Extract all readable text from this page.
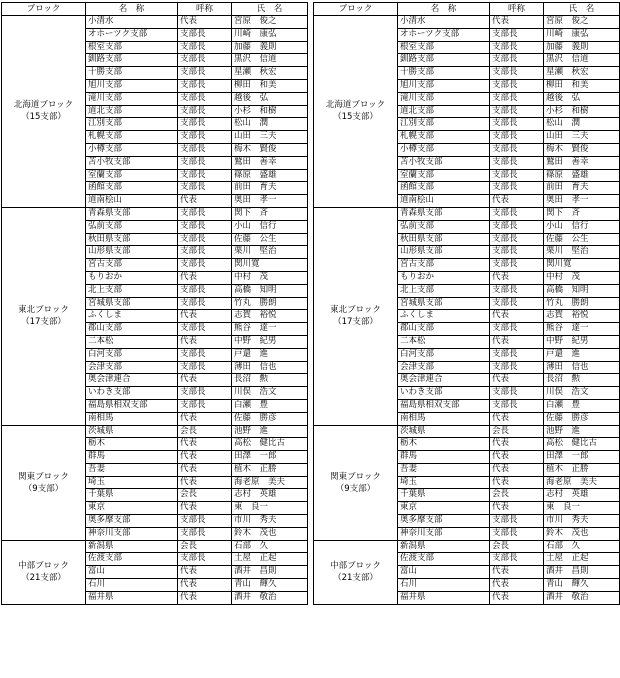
ブロック	名　称	呼称	氏　名

北海道ブロック
（15支部）	小清水	代表	宮原　俊之
	オホーツク支部	支部長	川崎　康弘
	根室支部	支部長	加藤　義則
	釧路支部	支部長	黒沢　信道
	十勝支部	支部長	星瀬　秋宏
	旭川支部	支部長	柳田　和美
	滝川支部	支部長	越後　弘
	道北支部	支部長	小杉　和樹
	江別支部	支部長	松山　潤
	札幌支部	支部長	山田　三夫
	小樽支部	支部長	梅木　賢俊
	苫小牧支部	支部長	鷲田　善幸
	室蘭支部	支部長	篠原　盛雄
	函館支部	支部長	前田　育夫
	道南桧山	代表	奥田　孝一

東北ブロック
（17支部）	青森県支部	支部長	関下　斉
	弘前支部	支部長	小山　信行
	秋田県支部	支部長	佐藤　公生
	山形県支部	支部長	栗川　堅治
	宮古支部	支部長	関川寛
	もりおか	代表	中村　茂
	北上支部	支部長	高橋　知明
	宮城県支部	支部長	竹丸　勝朗
	ふくしま	代表	志賀　裕悦
	郡山支部	支部長	熊谷　達一
	二本松	代表	中野　紀男
	白河支部	支部長	戸還　進
	会津支部	支部長	薄田　信也
	奥会津連合	代表	長沼　勲
	いわき支部	支部長	川俣　浩文
	福島県相双支部	支部長	白瀬　豊
	南相馬	代表	佐藤　勝彦

関東ブロック
（9支部）	茨城県	会長	池野　進
	栃木	代表	高松　健比古
	群馬	代表	田澤　一郎
	吾妻	代表	植木　正勝
	埼玉	代表	海老原　美夫
	千葉県	会長	志村　英雄
	東京	代表	東　良一
	奥多摩支部	支部長	市川　秀夫
	神奈川支部	支部長	鈴木　茂也

中部ブロック
（21支部）	新潟県	会長	石部　久
	佐渡支部	支部長	土屋　正起
	富山	代表	酒井　昌則
	石川	代表	青山　輝久
	福井県	代表	酒井　敬治
ブロック	名　称	呼称	氏　名

北海道ブロック
（15支部）	小清水	代表	宮原　俊之
	オホーツク支部	支部長	川崎　康弘
	根室支部	支部長	加藤　義則
	釧路支部	支部長	黒沢　信道
	十勝支部	支部長	星瀬　秋宏
	旭川支部	支部長	柳田　和美
	滝川支部	支部長	越後　弘
	道北支部	支部長	小杉　和樹
	江別支部	支部長	松山　潤
	札幌支部	支部長	山田　三夫
	小樽支部	支部長	梅木　賢俊
	苫小牧支部	支部長	鷲田　善幸
	室蘭支部	支部長	篠原　盛雄
	函館支部	支部長	前田　育夫
	道南桧山	代表	奥田　孝一

東北ブロック
（17支部）	青森県支部	支部長	関下　斉
	弘前支部	支部長	小山　信行
	秋田県支部	支部長	佐藤　公生
	山形県支部	支部長	栗川　堅治
	宮古支部	支部長	関川寛
	もりおか	代表	中村　茂
	北上支部	支部長	高橋　知明
	宮城県支部	支部長	竹丸　勝朗
	ふくしま	代表	志賀　裕悦
	郡山支部	支部長	熊谷　達一
	二本松	代表	中野　紀男
	白河支部	支部長	戸還　進
	会津支部	支部長	薄田　信也
	奥会津連合	代表	長沼　勲
	いわき支部	支部長	川俣　浩文
	福島県相双支部	支部長	白瀬　豊
	南相馬	代表	佐藤　勝彦

関東ブロック
（9支部）	茨城県	会長	池野　進
	栃木	代表	高松　健比古
	群馬	代表	田澤　一郎
	吾妻	代表	植木　正勝
	埼玉	代表	海老原　美夫
	千葉県	会長	志村　英雄
	東京	代表	東　良一
	奥多摩支部	支部長	市川　秀夫
	神奈川支部	支部長	鈴木　茂也

中部ブロック
（21支部）	新潟県	会長	石部　久
	佐渡支部	支部長	土屋　正起
	富山	代表	酒井　昌則
	石川	代表	青山　輝久
	福井県	代表	酒井　敬治
